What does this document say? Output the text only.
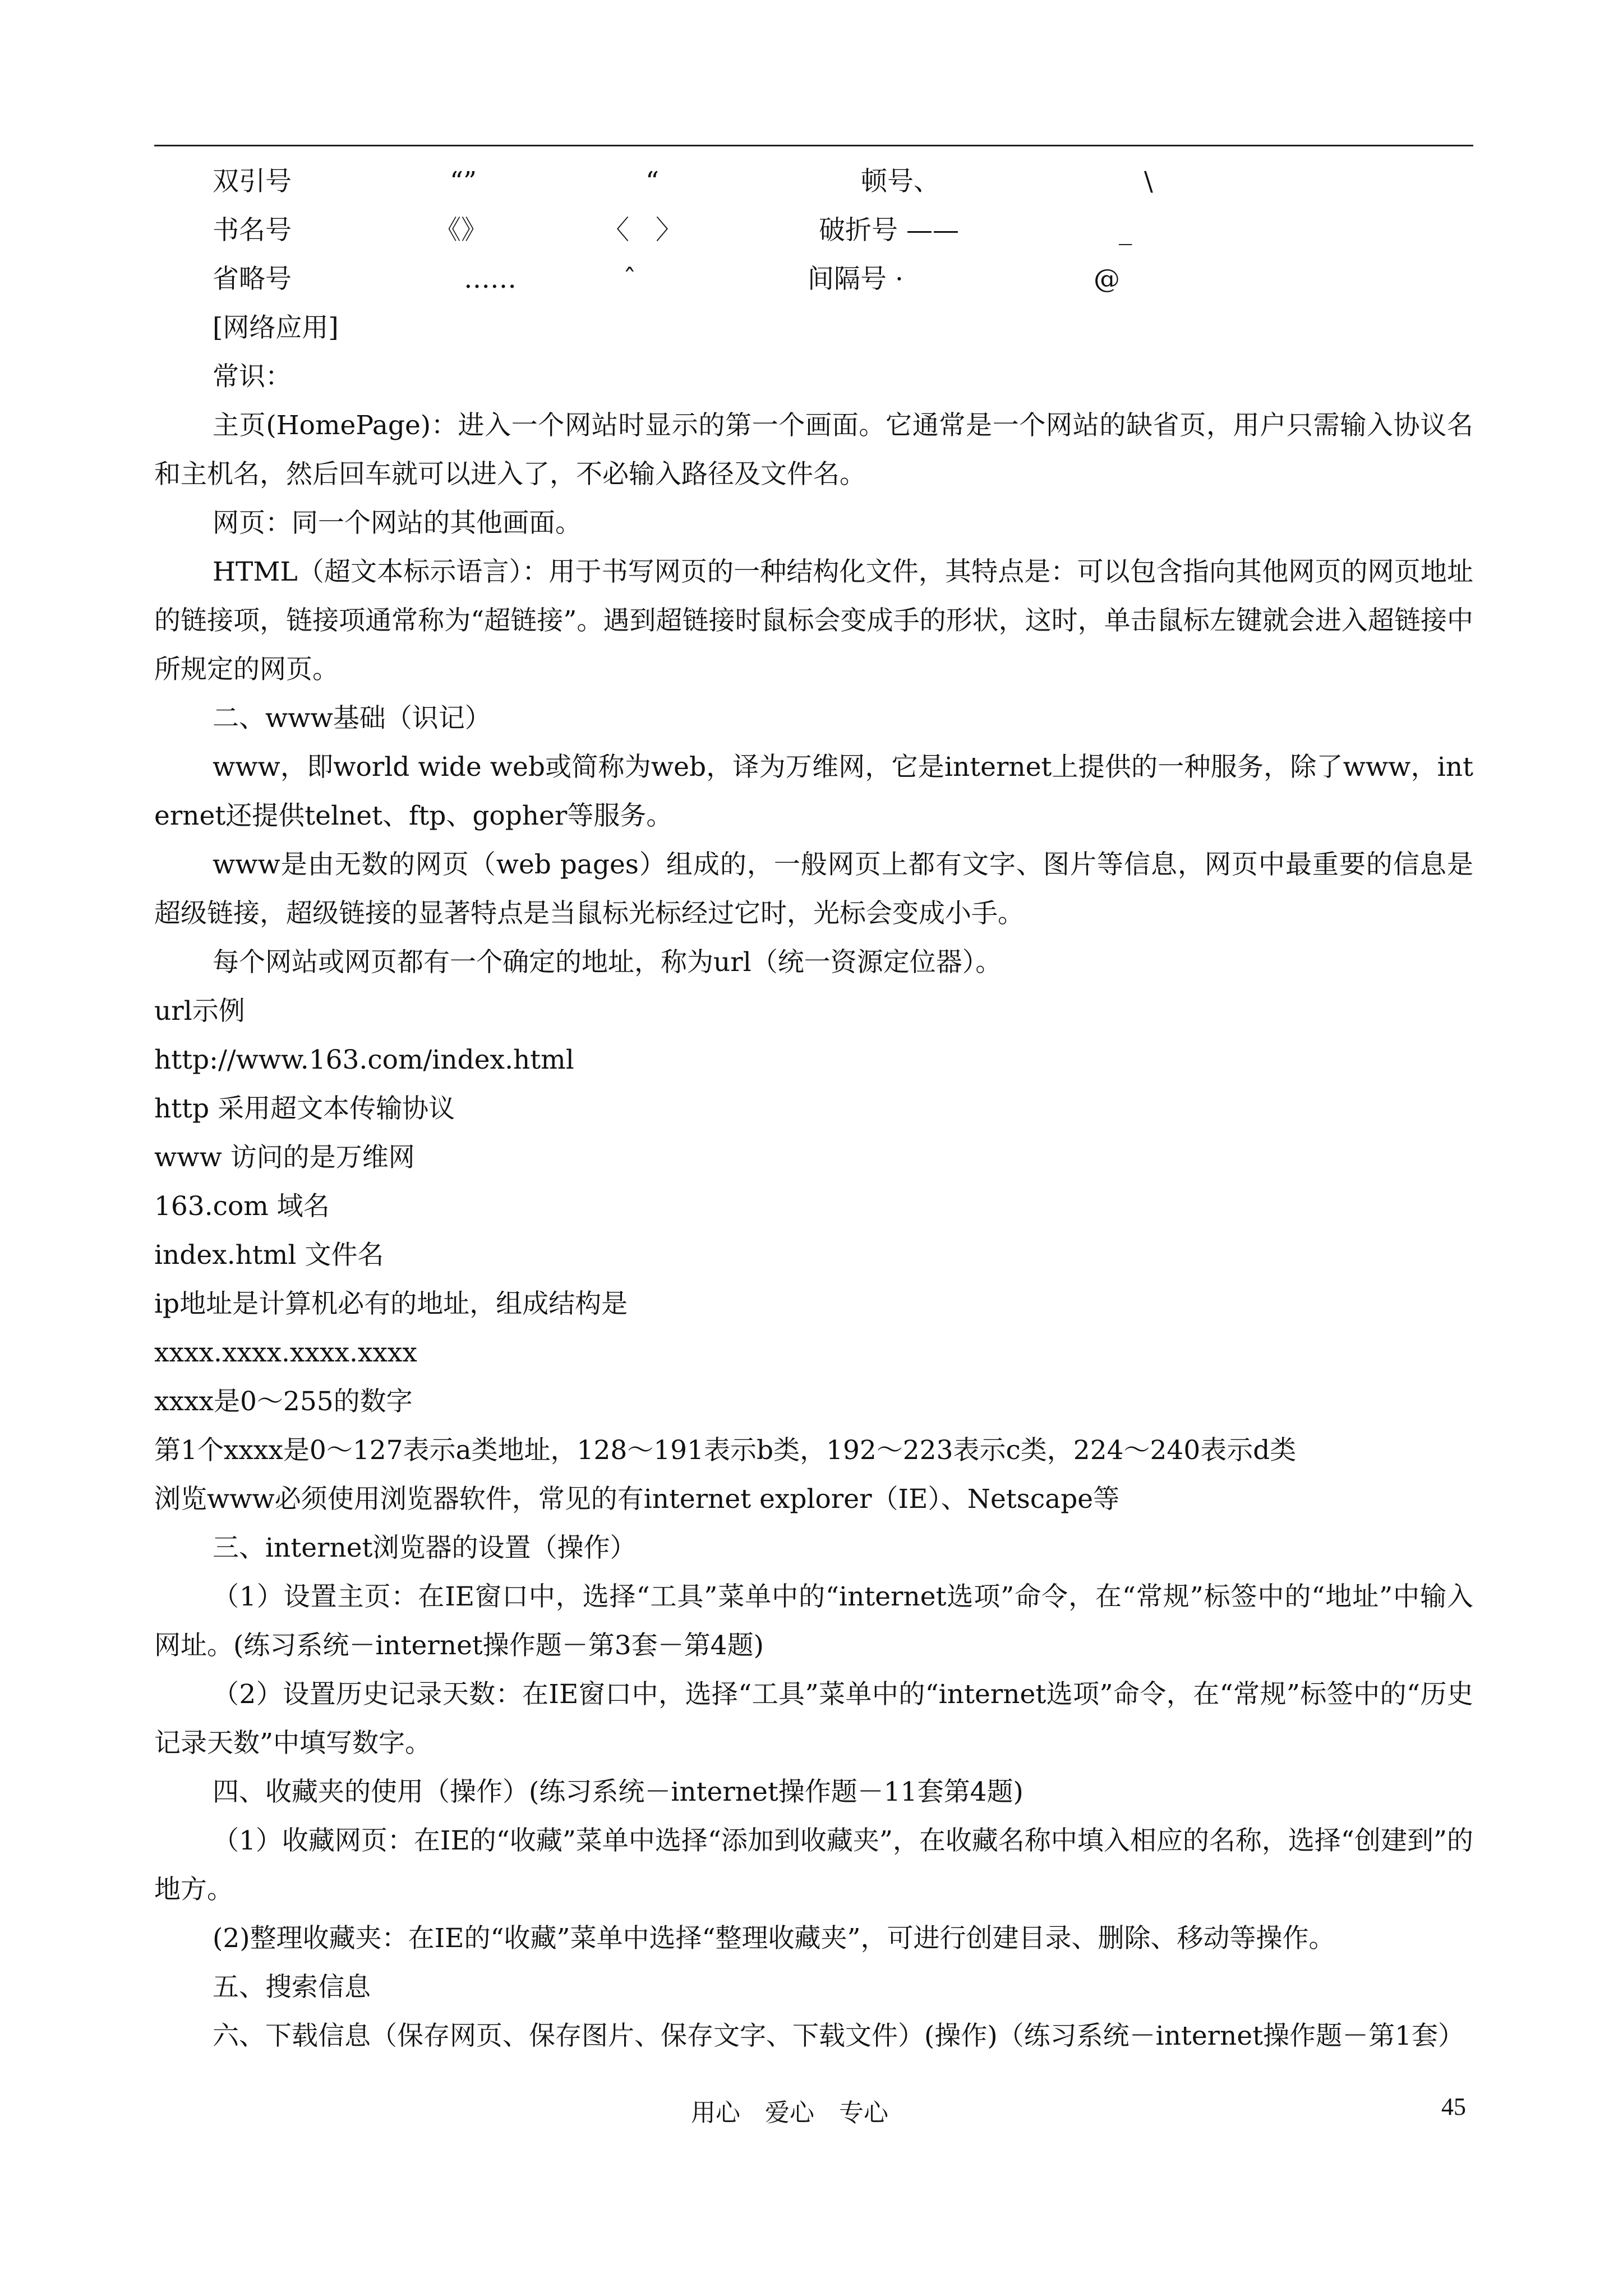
双引号	“”	“	顿号、	\
书名号	《》	〈　〉	破折号 ——	_
省略号	……	ˆ	间隔号 ·	@

[网络应用]

常识：

主页(HomePage)：进入一个网站时显示的第一个画面。它通常是一个网站的缺省页，用户只需输入协议名和主机名，然后回车就可以进入了，不必输入路径及文件名。

网页：同一个网站的其他画面。

HTML（超文本标示语言）：用于书写网页的一种结构化文件，其特点是：可以包含指向其他网页的网页地址的链接项，链接项通常称为“超链接”。遇到超链接时鼠标会变成手的形状，这时，单击鼠标左键就会进入超链接中所规定的网页。

二、www基础（识记）

www，即world wide web或简称为web，译为万维网，它是internet上提供的一种服务，除了www，internet还提供telnet、ftp、gopher等服务。

www是由无数的网页（web pages）组成的，一般网页上都有文字、图片等信息，网页中最重要的信息是超级链接，超级链接的显著特点是当鼠标光标经过它时，光标会变成小手。

每个网站或网页都有一个确定的地址，称为url（统一资源定位器）。

url示例

http://www.163.com/index.html

http 采用超文本传输协议

www 访问的是万维网

163.com 域名

index.html 文件名

ip地址是计算机必有的地址，组成结构是

xxxx.xxxx.xxxx.xxxx

xxxx是0～255的数字

第1个xxxx是0～127表示a类地址，128～191表示b类，192～223表示c类，224～240表示d类

浏览www必须使用浏览器软件，常见的有internet explorer（IE）、Netscape等

三、internet浏览器的设置（操作）

（1）设置主页：在IE窗口中，选择“工具”菜单中的“internet选项”命令，在“常规”标签中的“地址”中输入网址。(练习系统－internet操作题－第3套－第4题)

（2）设置历史记录天数：在IE窗口中，选择“工具”菜单中的“internet选项”命令，在“常规”标签中的“历史记录天数”中填写数字。

四、收藏夹的使用（操作）(练习系统－internet操作题－11套第4题)

（1）收藏网页：在IE的“收藏”菜单中选择“添加到收藏夹”，在收藏名称中填入相应的名称，选择“创建到”的地方。

(2)整理收藏夹：在IE的“收藏”菜单中选择“整理收藏夹”，可进行创建目录、删除、移动等操作。

五、搜索信息

六、下载信息（保存网页、保存图片、保存文字、下载文件）(操作)（练习系统－internet操作题－第1套）

用心　爱心　专心	45
